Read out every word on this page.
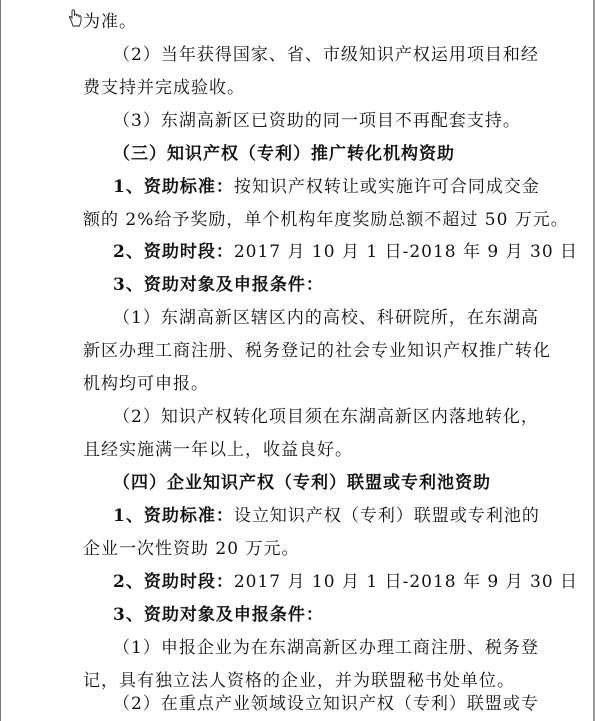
为准。
（2）当年获得国家、省、市级知识产权运用项目和经
费支持并完成验收。
（3）东湖高新区已资助的同一项目不再配套支持。
（三）知识产权（专利）推广转化机构资助
1、资助标准：按知识产权转让或实施许可合同成交金
额的 2%给予奖励，单个机构年度奖励总额不超过 50 万元。
2、资助时段：2017 月 10 月 1 日-2018 年 9 月 30 日
3、资助对象及申报条件：
（1）东湖高新区辖区内的高校、科研院所，在东湖高
新区办理工商注册、税务登记的社会专业知识产权推广转化
机构均可申报。
（2）知识产权转化项目须在东湖高新区内落地转化，
且经实施满一年以上，收益良好。
（四）企业知识产权（专利）联盟或专利池资助
1、资助标准：设立知识产权（专利）联盟或专利池的
企业一次性资助 20 万元。
2、资助时段：2017 月 10 月 1 日-2018 年 9 月 30 日
3、资助对象及申报条件：
（1）申报企业为在东湖高新区办理工商注册、税务登
记，具有独立法人资格的企业，并为联盟秘书处单位。
（2）在重点产业领域设立知识产权（专利）联盟或专
